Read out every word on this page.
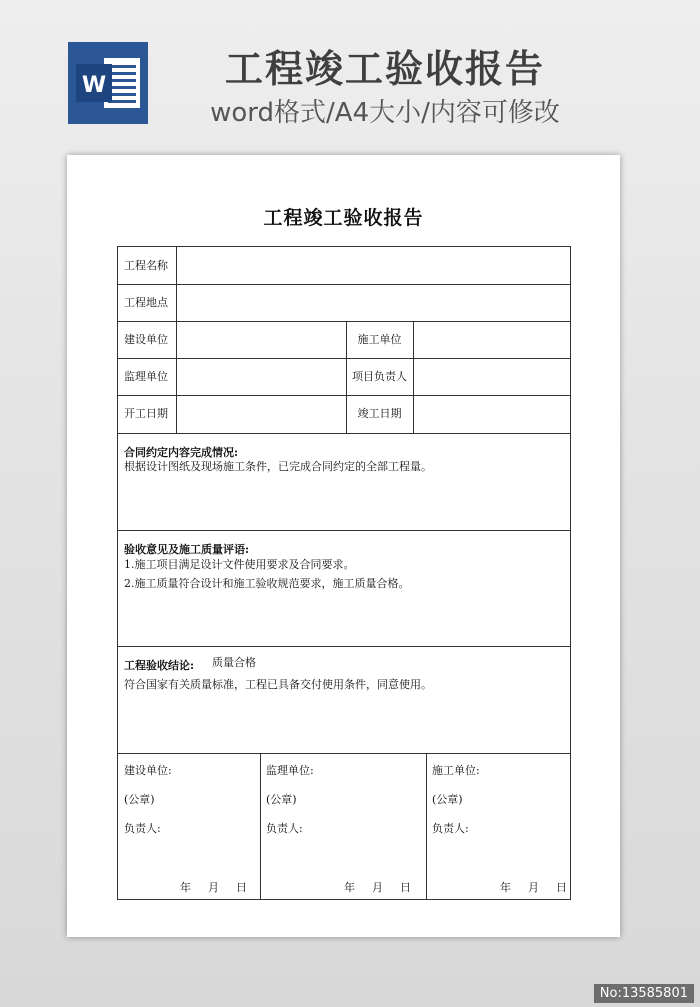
W	工程竣工验收报告
word格式/A4大小/内容可修改
工程竣工验收报告
工程名称
工程地点
建设单位	施工单位
监理单位	项目负责人
开工日期	竣工日期
合同约定内容完成情况:
根据设计图纸及现场施工条件，已完成合同约定的全部工程量。
验收意见及施工质量评语:
1.施工项目满足设计文件使用要求及合同要求。
2.施工质量符合设计和施工验收规范要求，施工质量合格。
工程验收结论: 质量合格
符合国家有关质量标准，工程已具备交付使用条件，同意使用。
建设单位:
(公章)
负责人:
年 月 日
监理单位:
(公章)
负责人:
年 月 日
施工单位:
(公章)
负责人:
年 月 日
No:13585801
